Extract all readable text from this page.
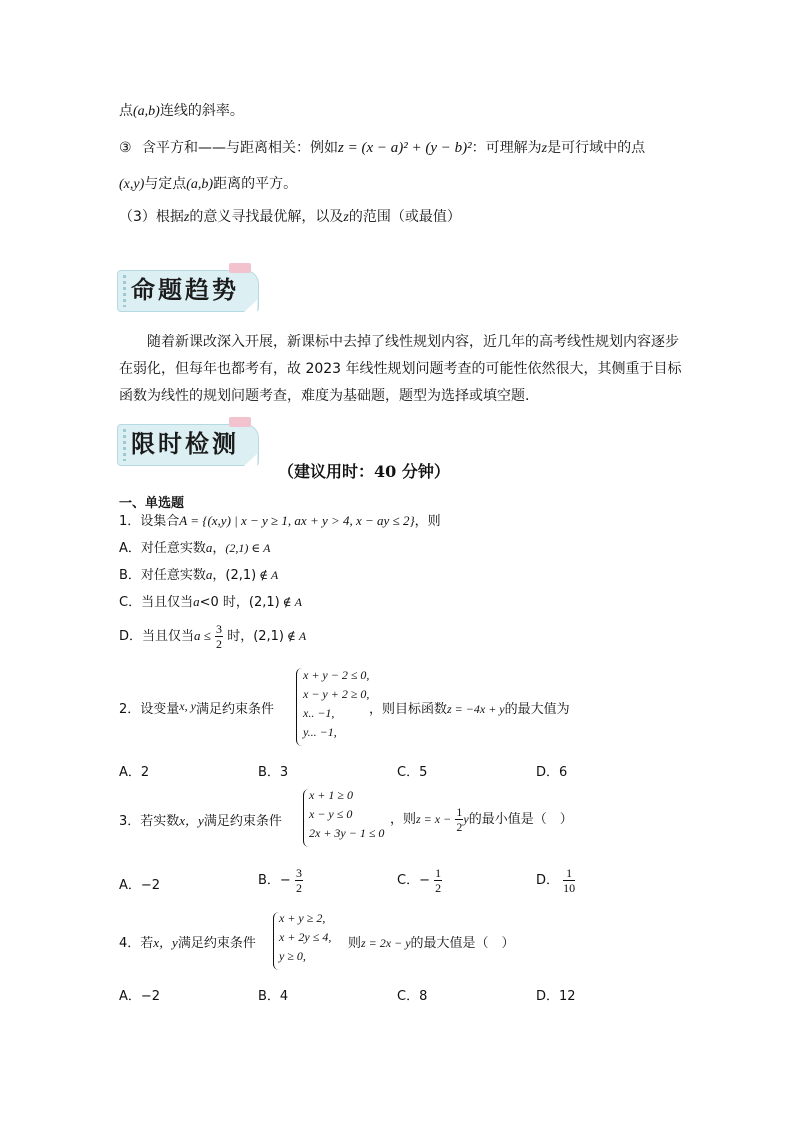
点(a,b)连线的斜率。
③ 含平方和——与距离相关：例如z = (x − a)² + (y − b)²：可理解为z是可行域中的点
(x,y)与定点(a,b)距离的平方。
（3）根据z的意义寻找最优解，以及z的范围（或最值）
命题趋势
随着新课改深入开展，新课标中去掉了线性规划内容，近几年的高考线性规划内容逐步
在弱化，但每年也都考有，故 2023 年线性规划问题考查的可能性依然很大，其侧重于目标
函数为线性的规划问题考查，难度为基础题，题型为选择或填空题.
限时检测
（建议用时：40 分钟）
一、单选题
1．设集合A = {(x,y) | x − y ≥ 1, ax + y > 4, x − ay ≤ 2}，则
A．对任意实数a，(2,1) ∈ A
B．对任意实数a，(2,1) ∉ A
C．当且仅当a<0 时，(2,1) ∉ A
D．当且仅当$a \le \frac{3}{2}$ 时，(2,1) ∉ A
2．设变量x, y满足约束条件
x + y − 2 ≤ 0,
x − y + 2 ≥ 0,
x.. −1,
y... −1,
，则目标函数z = −4x + y的最大值为
A．2	B．3	C．5	D．6
3．若实数x，y满足约束条件
x + 1 ≥ 0
x − y ≤ 0
2x + 3y − 1 ≤ 0
，则$z = x - \frac{1}{2}$ y的最小值是（　）
A．−2	B．− $\frac{3}{2}$	C．− $\frac{1}{2}$	D． $\frac{1}{10}$
4．若x，y满足约束条件
x + y ≥ 2,
x + 2y ≤ 4,
y ≥ 0,
则z = 2x − y的最大值是（　）
A．−2	B．4	C．8	D．12
